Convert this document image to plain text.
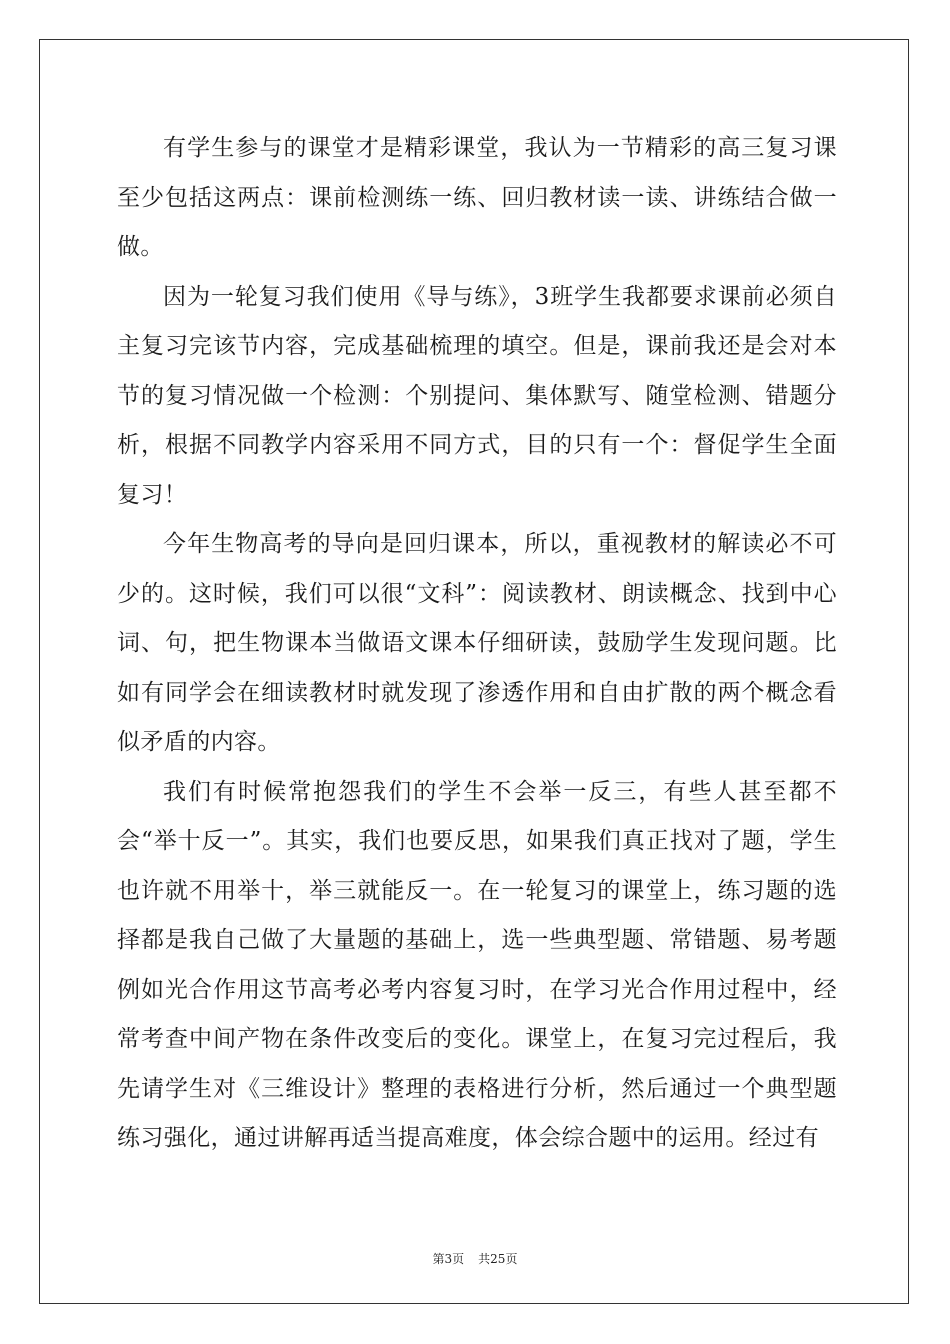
有学生参与的课堂才是精彩课堂，我认为一节精彩的高三复习课至少包括这两点：课前检测练一练、回归教材读一读、讲练结合做一做。

因为一轮复习我们使用《导与练》，3班学生我都要求课前必须自主复习完该节内容，完成基础梳理的填空。但是，课前我还是会对本节的复习情况做一个检测：个别提问、集体默写、随堂检测、错题分析，根据不同教学内容采用不同方式，目的只有一个：督促学生全面复习！

今年生物高考的导向是回归课本，所以，重视教材的解读必不可少的。这时候，我们可以很“文科”：阅读教材、朗读概念、找到中心词、句，把生物课本当做语文课本仔细研读，鼓励学生发现问题。比如有同学会在细读教材时就发现了渗透作用和自由扩散的两个概念看似矛盾的内容。

我们有时候常抱怨我们的学生不会举一反三，有些人甚至都不会“举十反一”。其实，我们也要反思，如果我们真正找对了题，学生也许就不用举十，举三就能反一。在一轮复习的课堂上，练习题的选择都是我自己做了大量题的基础上，选一些典型题、常错题、易考题例如光合作用这节高考必考内容复习时，在学习光合作用过程中，经常考查中间产物在条件改变后的变化。课堂上，在复习完过程后，我先请学生对《三维设计》整理的表格进行分析，然后通过一个典型题练习强化，通过讲解再适当提高难度，体会综合题中的运用。经过有

第3页 共25页
